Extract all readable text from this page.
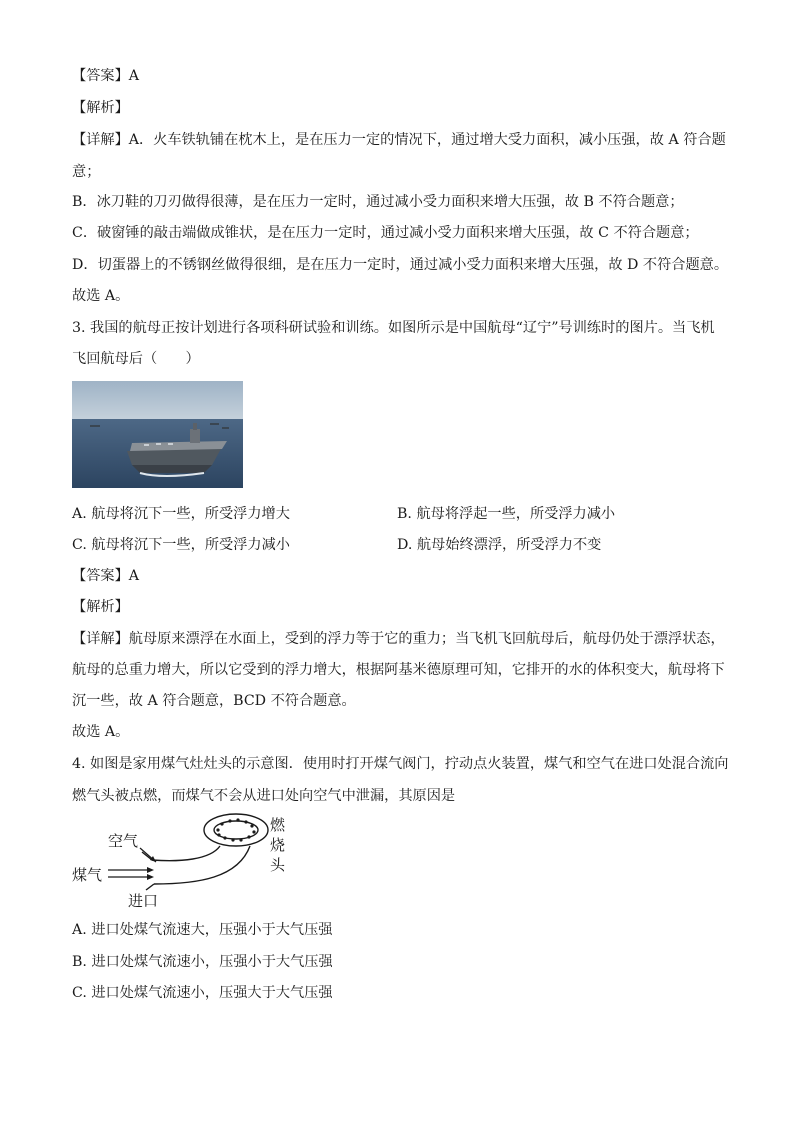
【答案】A
【解析】
【详解】A．火车铁轨铺在枕木上，是在压力一定的情况下，通过增大受力面积，减小压强，故 A 符合题
意；
B．冰刀鞋的刀刃做得很薄，是在压力一定时，通过减小受力面积来增大压强，故 B 不符合题意；
C．破窗锤的敲击端做成锥状，是在压力一定时，通过减小受力面积来增大压强，故 C 不符合题意；
D．切蛋器上的不锈钢丝做得很细，是在压力一定时，通过减小受力面积来增大压强，故 D 不符合题意。
故选 A。
3. 我国的航母正按计划进行各项科研试验和训练。如图所示是中国航母“辽宁”号训练时的图片。当飞机
飞回航母后（　　）
A. 航母将沉下一些，所受浮力增大	B. 航母将浮起一些，所受浮力减小
C. 航母将沉下一些，所受浮力减小	D. 航母始终漂浮，所受浮力不变
【答案】A
【解析】
【详解】航母原来漂浮在水面上，受到的浮力等于它的重力；当飞机飞回航母后，航母仍处于漂浮状态，
航母的总重力增大，所以它受到的浮力增大，根据阿基米德原理可知，它排开的水的体积变大，航母将下
沉一些，故 A 符合题意，BCD 不符合题意。
故选 A。
4. 如图是家用煤气灶灶头的示意图．使用时打开煤气阀门，拧动点火装置，煤气和空气在进口处混合流向
燃气头被点燃，而煤气不会从进口处向空气中泄漏，其原因是
空气
煤气
进口
燃
烧
头
A. 进口处煤气流速大，压强小于大气压强
B. 进口处煤气流速小，压强小于大气压强
C. 进口处煤气流速小，压强大于大气压强
